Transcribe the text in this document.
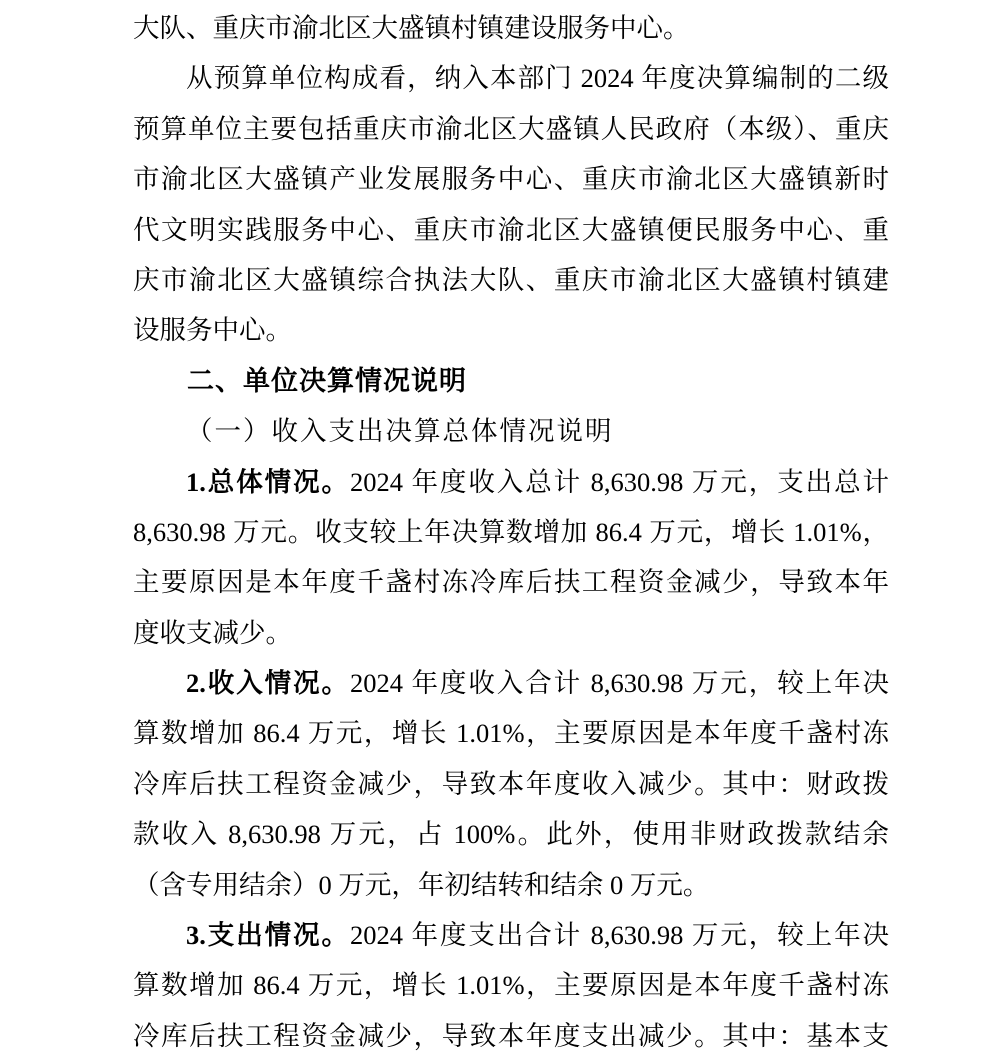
大队、重庆市渝北区大盛镇村镇建设服务中心。
从预算单位构成看，纳入本部门 2024 年度决算编制的二级
预算单位主要包括重庆市渝北区大盛镇人民政府（本级）、重庆
市渝北区大盛镇产业发展服务中心、重庆市渝北区大盛镇新时
代文明实践服务中心、重庆市渝北区大盛镇便民服务中心、重
庆市渝北区大盛镇综合执法大队、重庆市渝北区大盛镇村镇建
设服务中心。
二、单位决算情况说明
（一）收入支出决算总体情况说明
1.总体情况。2024 年度收入总计 8,630.98 万元，支出总计
8,630.98 万元。收支较上年决算数增加 86.4 万元，增长 1.01%，
主要原因是本年度千盏村冻冷库后扶工程资金减少，导致本年
度收支减少。
2.收入情况。2024 年度收入合计 8,630.98 万元，较上年决
算数增加 86.4 万元，增长 1.01%，主要原因是本年度千盏村冻
冷库后扶工程资金减少，导致本年度收入减少。其中：财政拨
款收入 8,630.98 万元，占 100%。此外，使用非财政拨款结余
（含专用结余）0 万元，年初结转和结余 0 万元。
3.支出情况。2024 年度支出合计 8,630.98 万元，较上年决
算数增加 86.4 万元，增长 1.01%，主要原因是本年度千盏村冻
冷库后扶工程资金减少，导致本年度支出减少。其中：基本支
